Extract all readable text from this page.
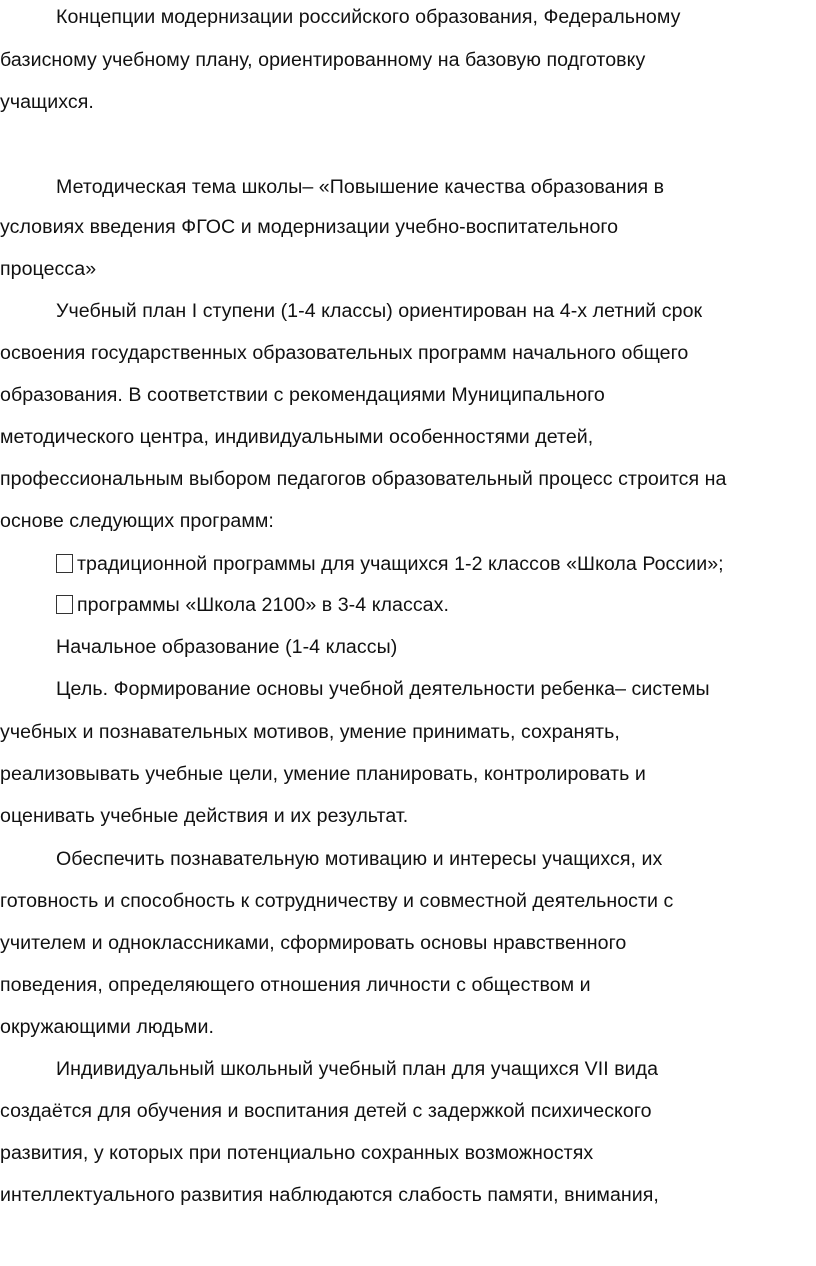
Концепции модернизации российского образования, Федеральному
базисному учебному плану, ориентированному на базовую подготовку
учащихся.
Методическая тема школы– «Повышение качества образования в
условиях введения ФГОС и модернизации учебно-воспитательного
процесса»
Учебный план I ступени (1-4 классы) ориентирован на 4-х летний срок
освоения государственных образовательных программ начального общего
образования. В соответствии с рекомендациями Муниципального
методического центра, индивидуальными особенностями детей,
профессиональным выбором педагогов образовательный процесс строится на
основе следующих программ:
традиционной программы для учащихся 1-2 классов «Школа России»;
программы «Школа 2100» в 3-4 классах.
Начальное образование (1-4 классы)
Цель. Формирование основы учебной деятельности ребенка– системы
учебных и познавательных мотивов, умение принимать, сохранять,
реализовывать учебные цели, умение планировать, контролировать и
оценивать учебные действия и их результат.
Обеспечить познавательную мотивацию и интересы учащихся, их
готовность и способность к сотрудничеству и совместной деятельности с
учителем и одноклассниками, сформировать основы нравственного
поведения, определяющего отношения личности с обществом и
окружающими людьми.
Индивидуальный школьный учебный план для учащихся VII вида
создаётся для обучения и воспитания детей с задержкой психического
развития, у которых при потенциально сохранных возможностях
интеллектуального развития наблюдаются слабость памяти, внимания,
